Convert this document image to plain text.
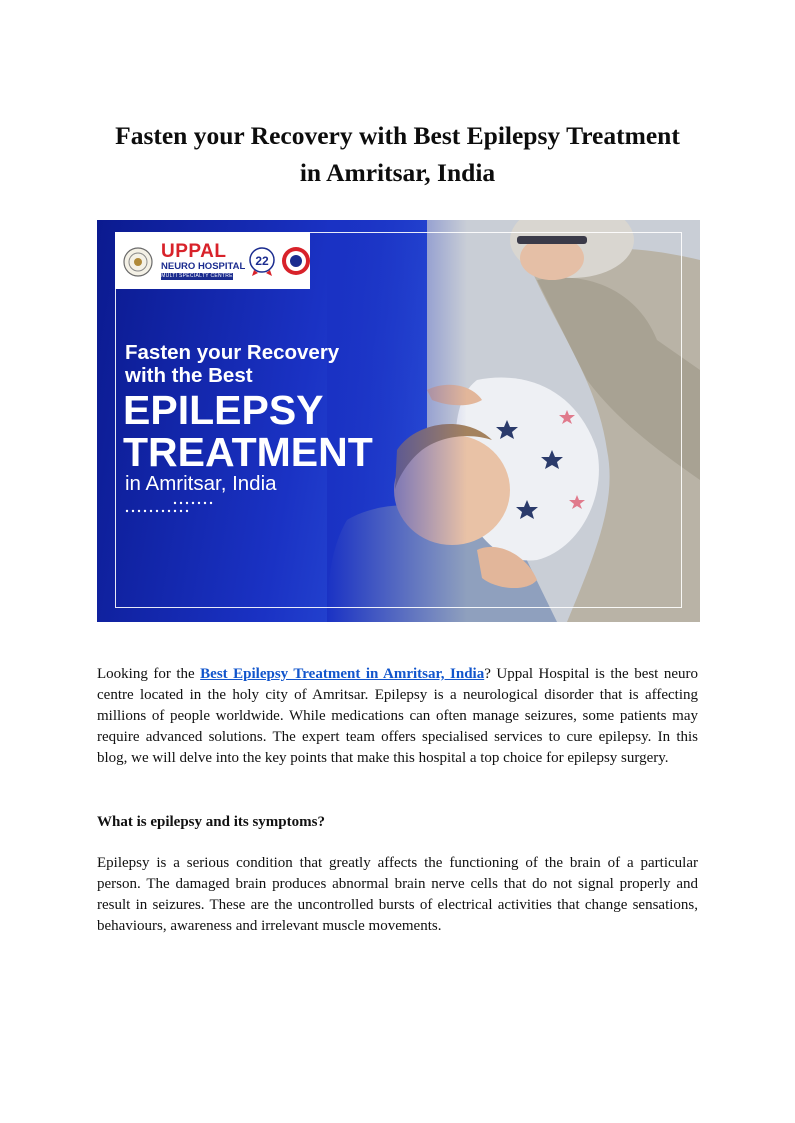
Fasten your Recovery with Best Epilepsy Treatment
in Amritsar, India
UPPAL
NEURO HOSPITAL
MULTI SPECIALTY CENTRE
22
Fasten your Recovery
with the Best
EPILEPSY
TREATMENT
in Amritsar, India

Looking for the Best Epilepsy Treatment in Amritsar, India? Uppal Hospital is the best neuro centre located in the holy city of Amritsar. Epilepsy is a neurological disorder that is affecting millions of people worldwide. While medications can often manage seizures, some patients may require advanced solutions. The expert team offers specialised services to cure epilepsy. In this blog, we will delve into the key points that make this hospital a top choice for epilepsy surgery.

What is epilepsy and its symptoms?

Epilepsy is a serious condition that greatly affects the functioning of the brain of a particular person. The damaged brain produces abnormal brain nerve cells that do not signal properly and result in seizures. These are the uncontrolled bursts of electrical activities that change sensations, behaviours, awareness and irrelevant muscle movements.
